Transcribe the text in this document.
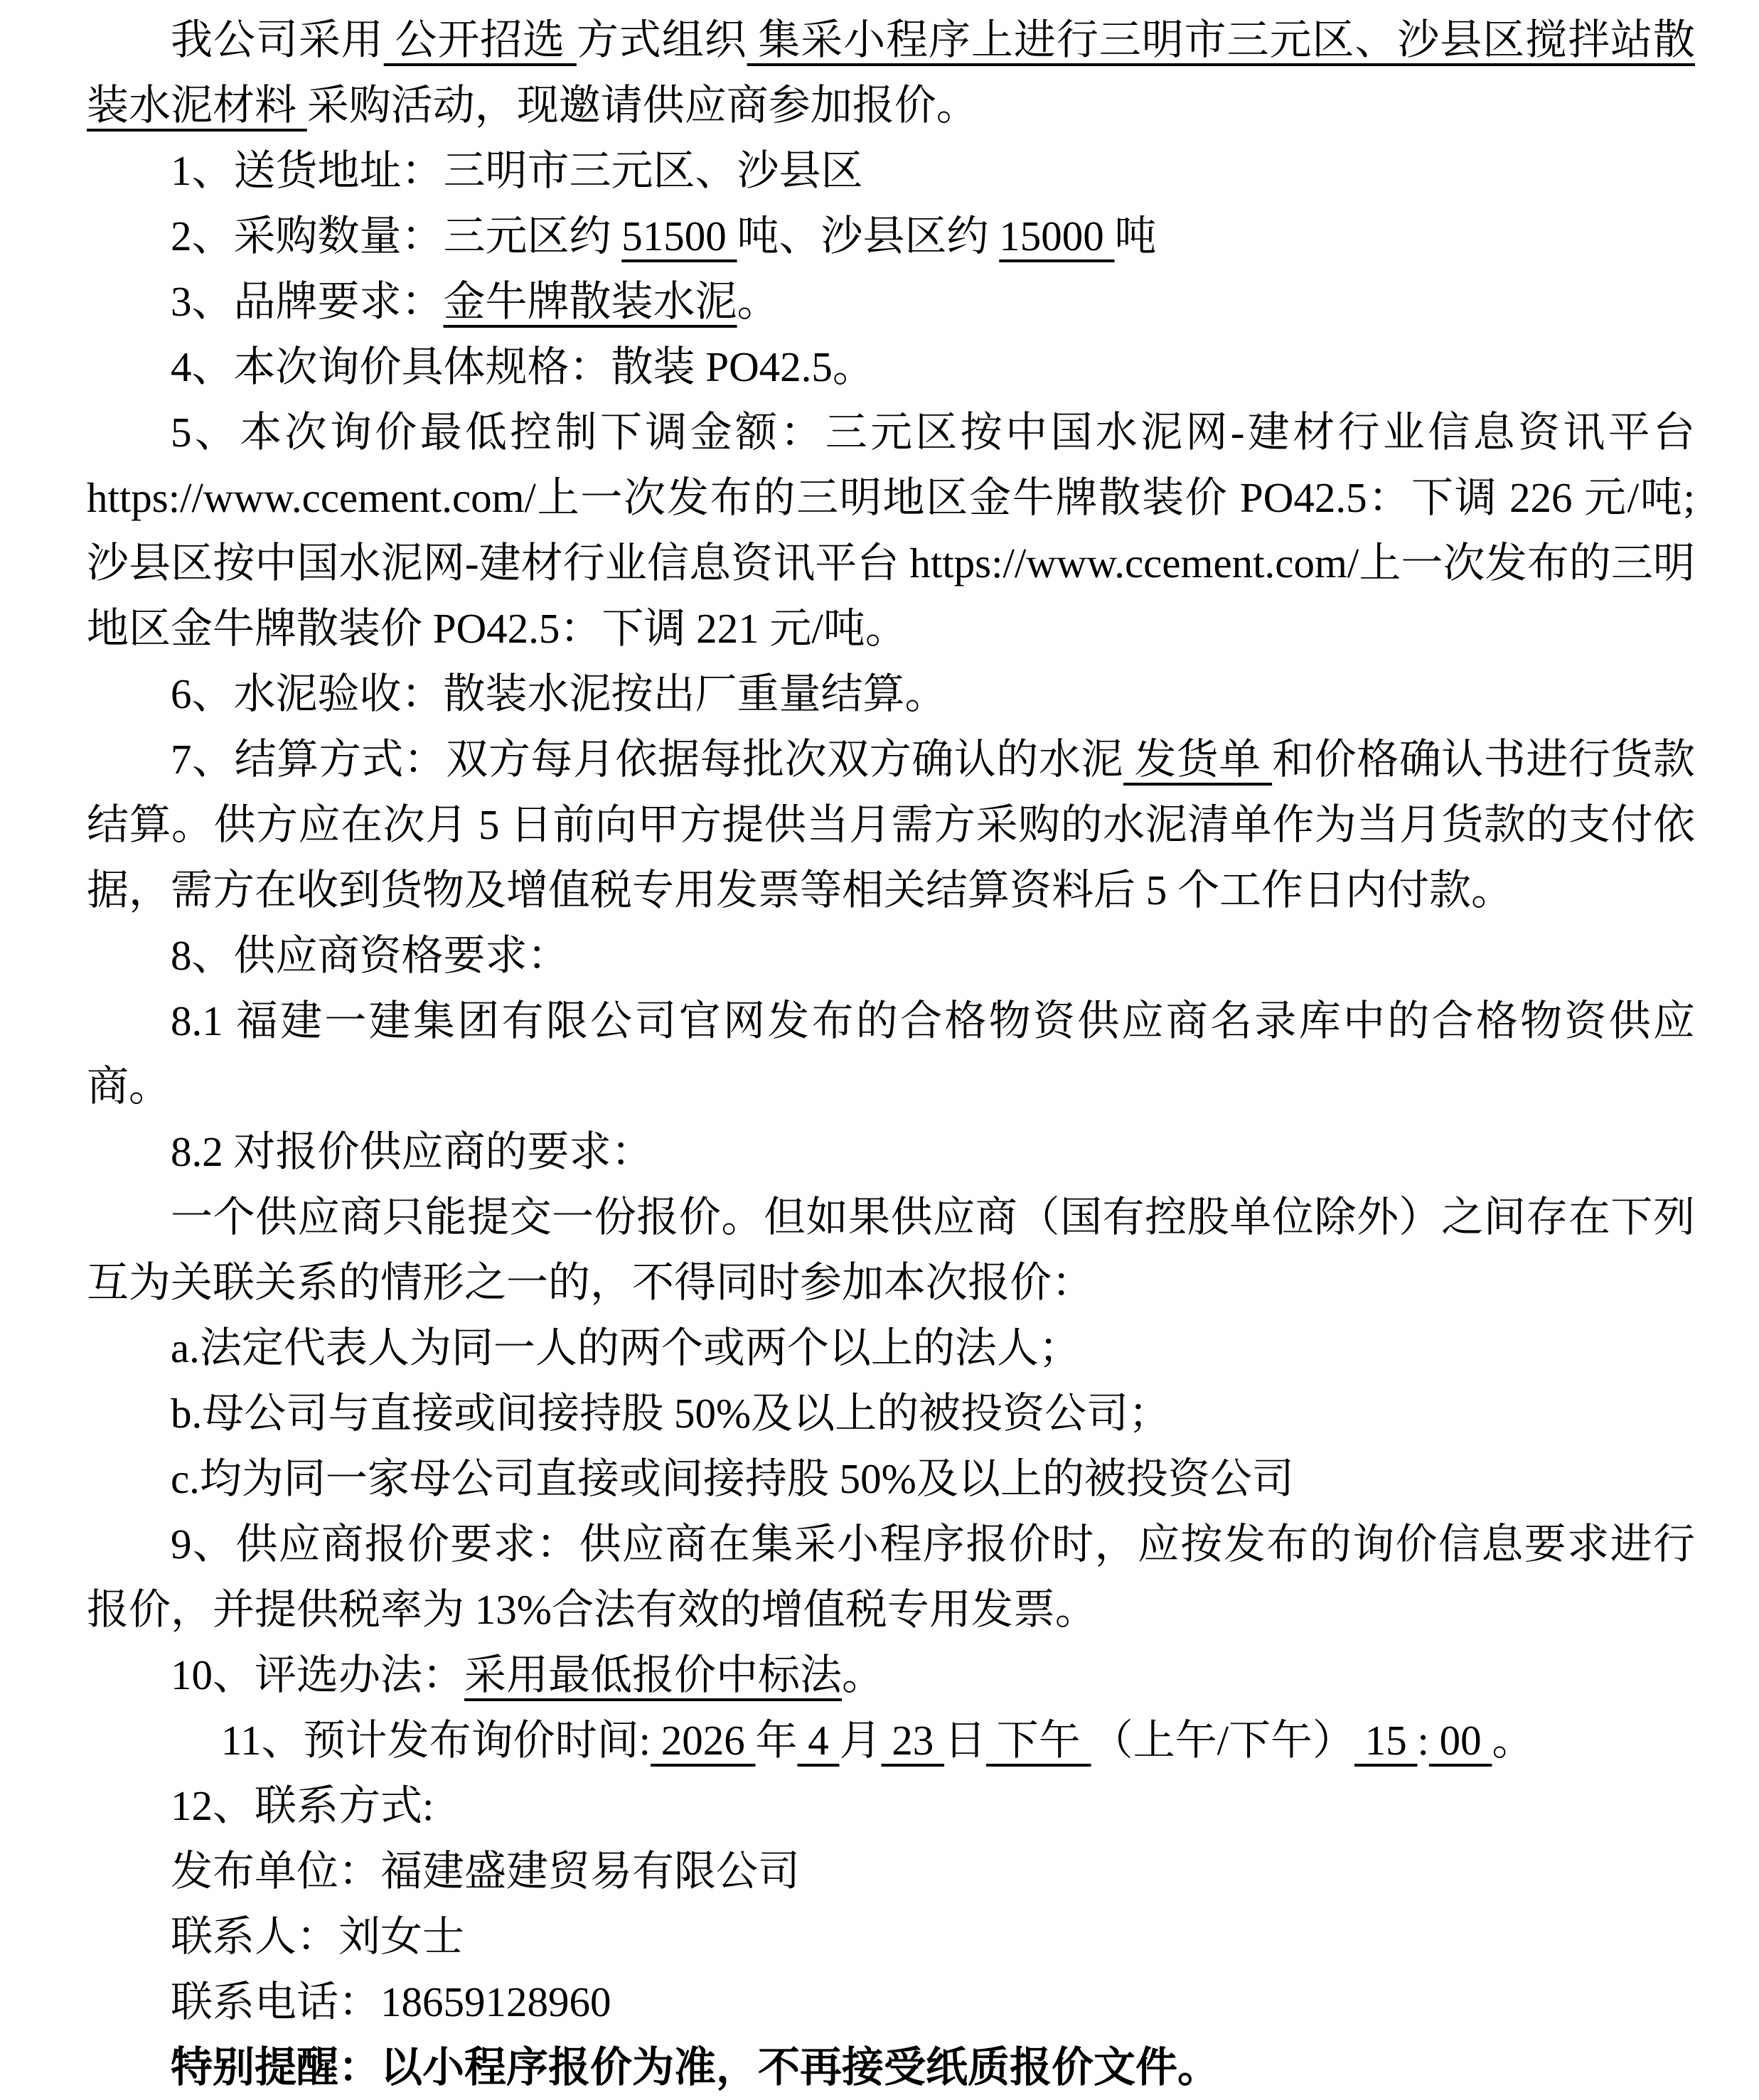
我公司采用 公开招选 方式组织 集采小程序上进行三明市三元区、沙县区搅拌站散装水泥材料 采购活动，现邀请供应商参加报价。

1、送货地址：三明市三元区、沙县区

2、采购数量：三元区约 51500 吨、沙县区约 15000 吨

3、品牌要求：金牛牌散装水泥。

4、本次询价具体规格：散装 PO42.5。

5、本次询价最低控制下调金额：三元区按中国水泥网-建材行业信息资讯平台https://www.ccement.com/上一次发布的三明地区金牛牌散装价 PO42.5：下调 226 元/吨;沙县区按中国水泥网-建材行业信息资讯平台 https://www.ccement.com/上一次发布的三明地区金牛牌散装价 PO42.5：下调 221 元/吨。

6、水泥验收：散装水泥按出厂重量结算。

7、结算方式：双方每月依据每批次双方确认的水泥 发货单 和价格确认书进行货款结算。供方应在次月 5 日前向甲方提供当月需方采购的水泥清单作为当月货款的支付依据，需方在收到货物及增值税专用发票等相关结算资料后 5 个工作日内付款。

8、供应商资格要求：

8.1 福建一建集团有限公司官网发布的合格物资供应商名录库中的合格物资供应商。

8.2 对报价供应商的要求：

一个供应商只能提交一份报价。但如果供应商（国有控股单位除外）之间存在下列互为关联关系的情形之一的，不得同时参加本次报价：

a.法定代表人为同一人的两个或两个以上的法人；

b.母公司与直接或间接持股 50%及以上的被投资公司；

c.均为同一家母公司直接或间接持股 50%及以上的被投资公司

9、供应商报价要求：供应商在集采小程序报价时，应按发布的询价信息要求进行报价，并提供税率为 13%合法有效的增值税专用发票。

10、评选办法：采用最低报价中标法。

11、预计发布询价时间: 2026 年 4 月 23 日 下午 （上午/下午） 15 : 00 。

12、联系方式:

发布单位：福建盛建贸易有限公司

联系人：刘女士

联系电话：18659128960

特别提醒：以小程序报价为准，不再接受纸质报价文件。
